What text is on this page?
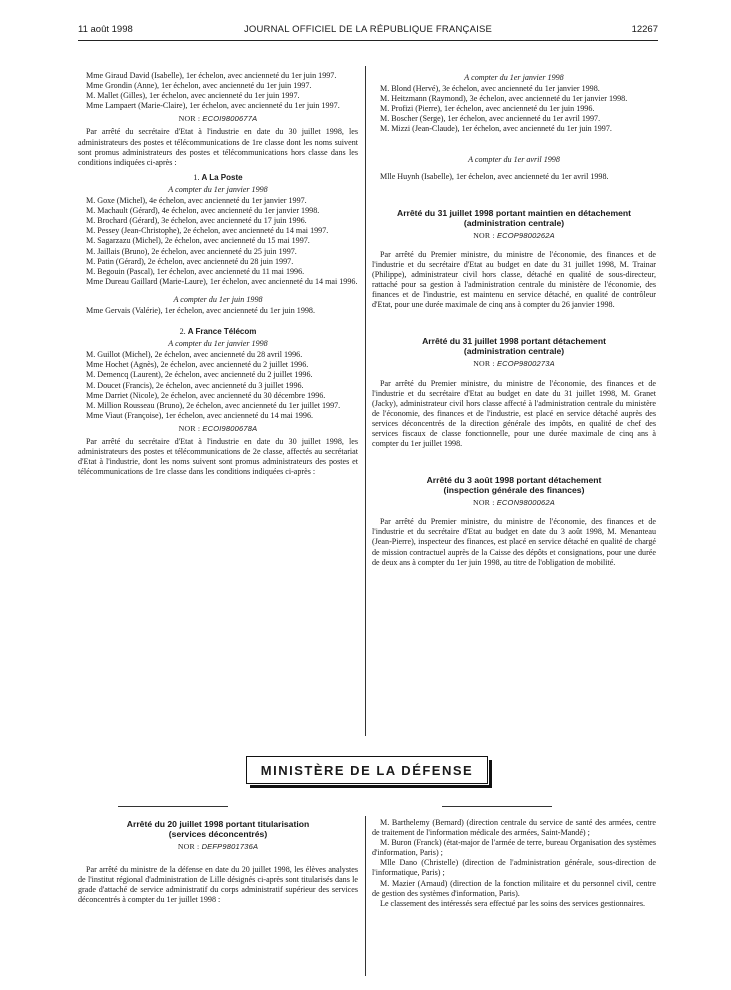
11 août 1998	JOURNAL OFFICIEL DE LA RÉPUBLIQUE FRANÇAISE	12267

Mme Giraud David (Isabelle), 1er échelon, avec ancienneté du 1er juin 1997.

Mme Grondin (Anne), 1er échelon, avec ancienneté du 1er juin 1997.

M. Mallet (Gilles), 1er échelon, avec ancienneté du 1er juin 1997.

Mme Lampaert (Marie-Claire), 1er échelon, avec ancienneté du 1er juin 1997.

NOR : ECOI9800677A

Par arrêté du secrétaire d'Etat à l'industrie en date du 30 juillet 1998, les administrateurs des postes et télécommunications de 1re classe dont les noms suivent sont promus administrateurs des postes et télécommunications hors classe dans les conditions indiquées ci-après :

1. A La Poste

A compter du 1er janvier 1998

M. Goxe (Michel), 4e échelon, avec ancienneté du 1er janvier 1997.

M. Machault (Gérard), 4e échelon, avec ancienneté du 1er janvier 1998.

M. Brochard (Gérard), 3e échelon, avec ancienneté du 17 juin 1996.

M. Pessey (Jean-Christophe), 2e échelon, avec ancienneté du 14 mai 1997.

M. Sagarzazu (Michel), 2e échelon, avec ancienneté du 15 mai 1997.

M. Jaillais (Bruno), 2e échelon, avec ancienneté du 25 juin 1997.

M. Patin (Gérard), 2e échelon, avec ancienneté du 28 juin 1997.

M. Begouin (Pascal), 1er échelon, avec ancienneté du 11 mai 1996.

Mme Dureau Gaillard (Marie-Laure), 1er échelon, avec ancienneté du 14 mai 1996.

A compter du 1er juin 1998

Mme Gervais (Valérie), 1er échelon, avec ancienneté du 1er juin 1998.

2. A France Télécom

A compter du 1er janvier 1998

M. Guillot (Michel), 2e échelon, avec ancienneté du 28 avril 1996.

Mme Hochet (Agnès), 2e échelon, avec ancienneté du 2 juillet 1996.

M. Demencq (Laurent), 2e échelon, avec ancienneté du 2 juillet 1996.

M. Doucet (Francis), 2e échelon, avec ancienneté du 3 juillet 1996.

Mme Darriet (Nicole), 2e échelon, avec ancienneté du 30 décembre 1996.

M. Million Rousseau (Bruno), 2e échelon, avec ancienneté du 1er juillet 1997.

Mme Viaut (Françoise), 1er échelon, avec ancienneté du 14 mai 1996.

NOR : ECOI9800678A

Par arrêté du secrétaire d'Etat à l'industrie en date du 30 juillet 1998, les administrateurs des postes et télécommunications de 2e classe, affectés au secrétariat d'Etat à l'industrie, dont les noms suivent sont promus administrateurs des postes et télécommunications de 1re classe dans les conditions indiquées ci-après :

A compter du 1er janvier 1998

M. Blond (Hervé), 3e échelon, avec ancienneté du 1er janvier 1998.

M. Heitzmann (Raymond), 3e échelon, avec ancienneté du 1er janvier 1998.

M. Profizi (Pierre), 1er échelon, avec ancienneté du 1er juin 1996.

M. Boscher (Serge), 1er échelon, avec ancienneté du 1er avril 1997.

M. Mizzi (Jean-Claude), 1er échelon, avec ancienneté du 1er juin 1997.

A compter du 1er avril 1998

Mlle Huynh (Isabelle), 1er échelon, avec ancienneté du 1er avril 1998.

Arrêté du 31 juillet 1998 portant maintien en détachement
(administration centrale)

NOR : ECOP9800262A

Par arrêté du Premier ministre, du ministre de l'économie, des finances et de l'industrie et du secrétaire d'Etat au budget en date du 31 juillet 1998, M. Trainar (Philippe), administrateur civil hors classe, détaché en qualité de sous-directeur, rattaché pour sa gestion à l'administration centrale du ministère de l'économie, des finances et de l'industrie, est maintenu en service détaché, en qualité de contrôleur d'Etat, pour une durée maximale de cinq ans à compter du 26 janvier 1998.

Arrêté du 31 juillet 1998 portant détachement
(administration centrale)

NOR : ECOP9800273A

Par arrêté du Premier ministre, du ministre de l'économie, des finances et de l'industrie et du secrétaire d'Etat au budget en date du 31 juillet 1998, M. Granet (Jacky), administrateur civil hors classe affecté à l'administration centrale du ministère de l'économie, des finances et de l'industrie, est placé en service détaché auprès des services déconcentrés de la direction générale des impôts, en qualité de chef des services fiscaux de classe fonctionnelle, pour une durée maximale de cinq ans à compter du 1er juillet 1998.

Arrêté du 3 août 1998 portant détachement
(inspection générale des finances)

NOR : ECON9800062A

Par arrêté du Premier ministre, du ministre de l'économie, des finances et de l'industrie et du secrétaire d'Etat au budget en date du 3 août 1998, M. Menanteau (Jean-Pierre), inspecteur des finances, est placé en service détaché en qualité de chargé de mission contractuel auprès de la Caisse des dépôts et consignations, pour une durée de deux ans à compter du 1er juin 1998, au titre de l'obligation de mobilité.

MINISTÈRE DE LA DÉFENSE

Arrêté du 20 juillet 1998 portant titularisation
(services déconcentrés)

NOR : DEFP9801736A

Par arrêté du ministre de la défense en date du 20 juillet 1998, les élèves analystes de l'institut régional d'administration de Lille désignés ci-après sont titularisés dans le grade d'attaché de service administratif du corps administratif supérieur des services déconcentrés à compter du 1er juillet 1998 :

M. Barthelemy (Bernard) (direction centrale du service de santé des armées, centre de traitement de l'information médicale des armées, Saint-Mandé) ;

M. Buron (Franck) (état-major de l'armée de terre, bureau Organisation des systèmes d'information, Paris) ;

Mlle Dano (Christelle) (direction de l'administration générale, sous-direction de l'informatique, Paris) ;

M. Mazier (Arnaud) (direction de la fonction militaire et du personnel civil, centre de gestion des systèmes d'information, Paris).

Le classement des intéressés sera effectué par les soins des services gestionnaires.
